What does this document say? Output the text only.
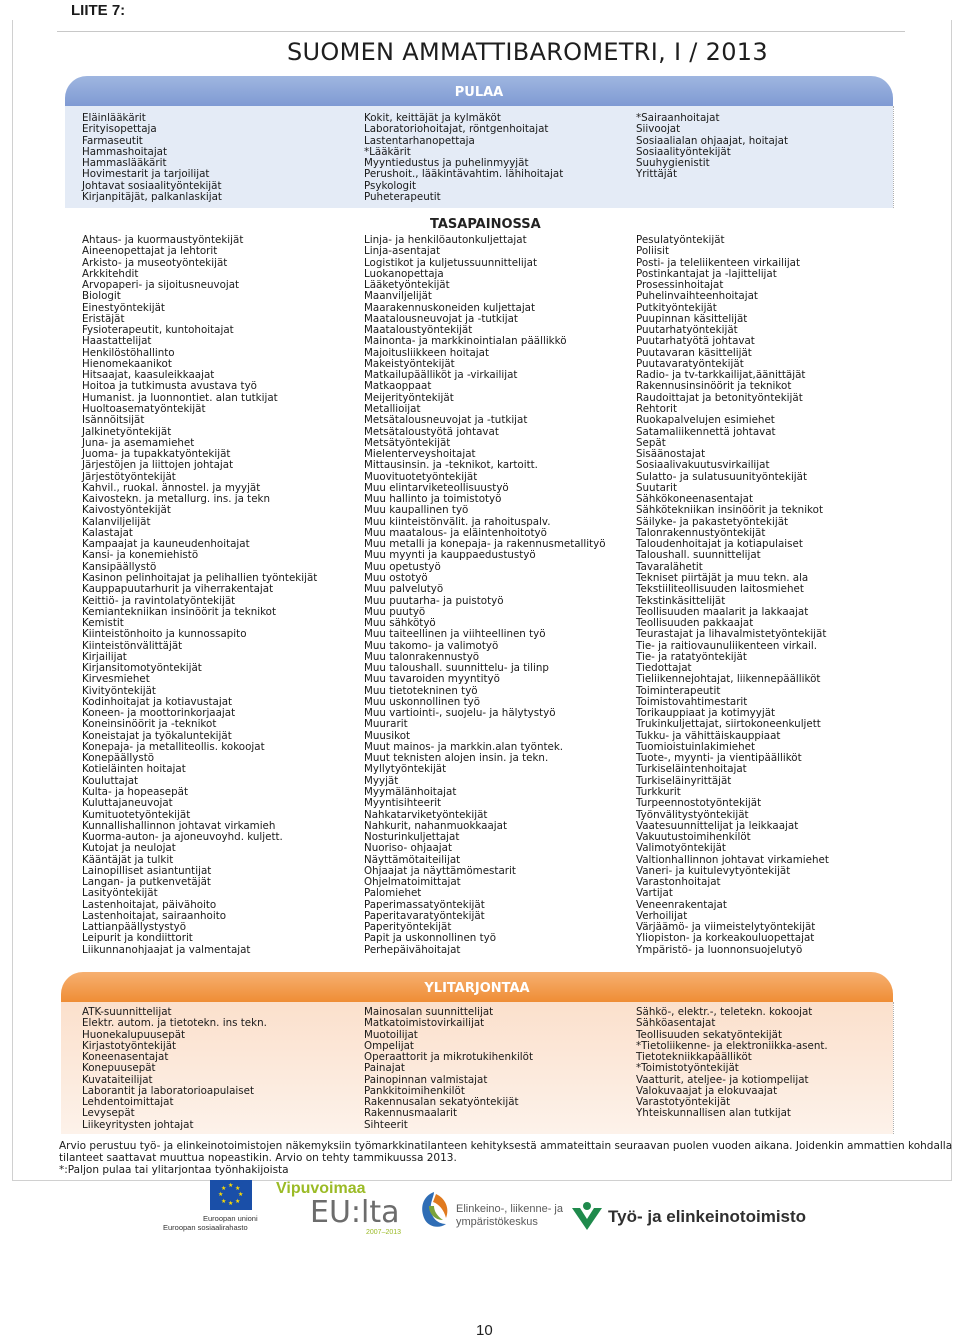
LIITE 7:
SUOMEN AMMATTIBAROMETRI, I / 2013
PULAA
Eläinlääkärit
Erityisopettaja
Farmaseutit
Hammashoitajat
Hammaslääkärit
Hovimestarit ja tarjoilijat
Johtavat sosiaalityöntekijät
Kirjanpitäjät, palkanlaskijat
Kokit, keittäjät ja kylmäköt
Laboratoriohoitajat, röntgenhoitajat
Lastentarhanopettaja
*Lääkärit
Myyntiedustus ja puhelinmyyjät
Perushoit., lääkintävahtim. lähihoitajat
Psykologit
Puheterapeutit
*Sairaanhoitajat
Siivoojat
Sosiaalialan ohjaajat, hoitajat
Sosiaalityöntekijät
Suuhygienistit
Yrittäjät
TASAPAINOSSA
Ahtaus- ja kuormaustyöntekijät
Aineenopettajat ja lehtorit
Arkisto- ja museotyöntekijät
Arkkitehdit
Arvopaperi- ja sijoitusneuvojat
Biologit
Einestyöntekijät
Eristäjät
Fysioterapeutit, kuntohoitajat
Haastattelijat
Henkilöstöhallinto
Hienomekaanikot
Hitsaajat, kaasuleikkaajat
Hoitoa ja tutkimusta avustava työ
Humanist. ja luonnontiet. alan tutkijat
Huoltoasematyöntekijät
Isännöitsijät
Jalkinetyöntekijät
Juna- ja asemamiehet
Juoma- ja tupakkatyöntekijät
Järjestöjen ja liittojen johtajat
Järjestötyöntekijät
Kahvil., ruokal. ännostel. ja myyjät
Kaivostekn. ja metallurg. ins. ja tekn
Kaivostyöntekijät
Kalanviljelijät
Kalastajat
Kampaajat ja kauneudenhoitajat
Kansi- ja konemiehistö
Kansipäällystö
Kasinon pelinhoitajat ja pelihallien työntekijät
Kauppapuutarhurit ja viherrakentajat
Keittiö- ja ravintolatyöntekijät
Kemiantekniikan insinöörit ja teknikot
Kemistit
Kiinteistönhoito ja kunnossapito
Kiinteistönvälittäjät
Kirjailijat
Kirjansitomotyöntekijät
Kirvesmiehet
Kivityöntekijät
Kodinhoitajat ja kotiavustajat
Koneen- ja moottorinkorjaajat
Koneinsinöörit ja -teknikot
Koneistajat ja työkaluntekijät
Konepaja- ja metalliteollis. kokoojat
Konepäällystö
Kotieläinten hoitajat
Kouluttajat
Kulta- ja hopeasepät
Kuluttajaneuvojat
Kumituotetyöntekijät
Kunnallishallinnon johtavat virkamieh
Kuorma-auton- ja ajoneuvoyhd. kuljett.
Kutojat ja neulojat
Kääntäjät ja tulkit
Lainopilliset asiantuntijat
Langan- ja putkenvetäjät
Lasityöntekijät
Lastenhoitajat, päivähoito
Lastenhoitajat, sairaanhoito
Lattianpäällystystyö
Leipurit ja kondiittorit
Liikunnanohjaajat ja valmentajat
Linja- ja henkilöautonkuljettajat
Linja-asentajat
Logistikot ja kuljetussuunnittelijat
Luokanopettaja
Lääketyöntekijät
Maanviljelijät
Maarakennuskoneiden kuljettajat
Maatalousneuvojat ja -tutkijat
Maataloustyöntekijät
Mainonta- ja markkinointialan päällikkö
Majoitusliikkeen hoitajat
Makeistyöntekijät
Matkailupäälliköt ja -virkailijat
Matkaoppaat
Meijerityöntekijät
Metallioijat
Metsätalousneuvojat ja -tutkijat
Metsätaloustyötä johtavat
Metsätyöntekijät
Mielenterveyshoitajat
Mittausinsin. ja -teknikot, kartoitt.
Muovituotetyöntekijät
Muu elintarviketeollisuustyö
Muu hallinto ja toimistotyö
Muu kaupallinen työ
Muu kiinteistönvälit. ja rahoituspalv.
Muu maatalous- ja eläintenhoitotyö
Muu metalli ja konepaja- ja rakennusmetallityö
Muu myynti ja kauppaedustustyö
Muu opetustyö
Muu ostotyö
Muu palvelutyö
Muu puutarha- ja puistotyö
Muu puutyö
Muu sähkötyö
Muu taiteellinen ja viihteellinen työ
Muu takomo- ja valimotyö
Muu talonrakennustyö
Muu taloushall. suunnittelu- ja tilinp
Muu tavaroiden myyntityö
Muu tietotekninen työ
Muu uskonnollinen työ
Muu vartiointi-, suojelu- ja hälytystyö
Muurarit
Muusikot
Muut mainos- ja markkin.alan työntek.
Muut teknisten alojen insin. ja tekn.
Myllytyöntekijät
Myyjät
Myymälänhoitajat
Myyntisihteerit
Nahkatarviketyöntekijät
Nahkurit, nahanmuokkaajat
Nosturinkuljettajat
Nuoriso- ohjaajat
Näyttämötaiteilijat
Ohjaajat ja näyttämömestarit
Ohjelmatoimittajat
Palomiehet
Paperimassatyöntekijät
Paperitavaratyöntekijät
Paperityöntekijät
Papit ja uskonnollinen työ
Perhepäivähoitajat
Pesulatyöntekijät
Poliisit
Posti- ja teleliikenteen virkailijat
Postinkantajat ja -lajittelijat
Prosessinhoitajat
Puhelinvaihteenhoitajat
Putkityöntekijät
Puupinnan käsittelijät
Puutarhatyöntekijät
Puutarhatyötä johtavat
Puutavaran käsittelijät
Puutavaratyöntekijät
Radio- ja tv-tarkkailijat,äänittäjät
Rakennusinsinöörit ja teknikot
Raudoittajat ja betonityöntekijät
Rehtorit
Ruokapalvelujen esimiehet
Satamaliikennettä johtavat
Sepät
Sisäänostajat
Sosiaalivakuutusvirkailijat
Sulatto- ja sulatusuunityöntekijät
Suutarit
Sähkökoneenasentajat
Sähkötekniikan insinöörit ja teknikot
Säilyke- ja pakastetyöntekijät
Talonrakennustyöntekijät
Taloudenhoitajat ja kotiapulaiset
Taloushall. suunnittelijat
Tavaralähetit
Tekniset piirtäjät ja muu tekn. ala
Tekstiiliteollisuuden laitosmiehet
Tekstinkäsittelijät
Teollisuuden maalarit ja lakkaajat
Teollisuuden pakkaajat
Teurastajat ja lihavalmistetyöntekijät
Tie- ja raitiovaunuliikenteen virkail.
Tie- ja ratatyöntekijät
Tiedottajat
Tieliikennejohtajat, liikennepäälliköt
Toiminterapeutit
Toimistovahtimestarit
Torikauppiaat ja kotimyyjät
Trukinkuljettajat, siirtokoneenkuljett
Tukku- ja vähittäiskauppiaat
Tuomioistuinlakimiehet
Tuote-, myynti- ja vientipäälliköt
Turkiseläintenhoitajat
Turkiseläinyrittäjät
Turkkurit
Turpeennostotyöntekijät
Työnvälitystyöntekijät
Vaatesuunnittelijat ja leikkaajat
Vakuutustoimihenkilöt
Valimotyöntekijät
Valtionhallinnon johtavat virkamiehet
Vaneri- ja kuitulevytyöntekijät
Varastonhoitajat
Vartijat
Veneenrakentajat
Verhoilijat
Värjäämö- ja viimeistelytyöntekijät
Yliopiston- ja korkeakouluopettajat
Ympäristö- ja luonnonsuojelutyö
YLITARJONTAA
ATK-suunnittelijat
Elektr. autom. ja tietotekn. ins tekn.
Huonekalupuusepät
Kirjastotyöntekijät
Koneenasentajat
Konepuusepät
Kuvataiteilijat
Laborantit ja laboratorioapulaiset
Lehdentoimittajat
Levysepät
Liikeyritysten johtajat
Mainosalan suunnittelijat
Matkatoimistovirkailijat
Muotoilijat
Ompelijat
Operaattorit ja mikrotukihenkilöt
Painajat
Painopinnan valmistajat
Pankkitoimihenkilöt
Rakennusalan sekatyöntekijät
Rakennusmaalarit
Sihteerit
Sähkö-, elektr.-, teletekn. kokoojat
Sähköasentajat
Teollisuuden sekatyöntekijät
*Tietoliikenne- ja elektroniikka-asent.
Tietotekniikkapäälliköt
*Toimistotyöntekijät
Vaatturit, ateljee- ja kotiompelijat
Valokuvaajat ja elokuvaajat
Varastotyöntekijät
Yhteiskunnallisen alan tutkijat
Arvio perustuu työ- ja elinkeinotoimistojen näkemyksiin työmarkkinatilanteen kehityksestä ammateittain seuraavan puolen vuoden aikana. Joidenkin ammattien kohdalla
tilanteet saattavat muuttua nopeastikin. Arvio on tehty tammikuussa 2013.
*:Paljon pulaa tai ylitarjontaa työnhakijoista
★ ★
★
★
★
★
★
★
Euroopan unioni
Euroopan sosiaalirahasto
Vipuvoimaa
EU:lta
2007–2013
Elinkeino-, liikenne- ja
ympäristökeskus	Työ- ja elinkeinotoimisto
10
